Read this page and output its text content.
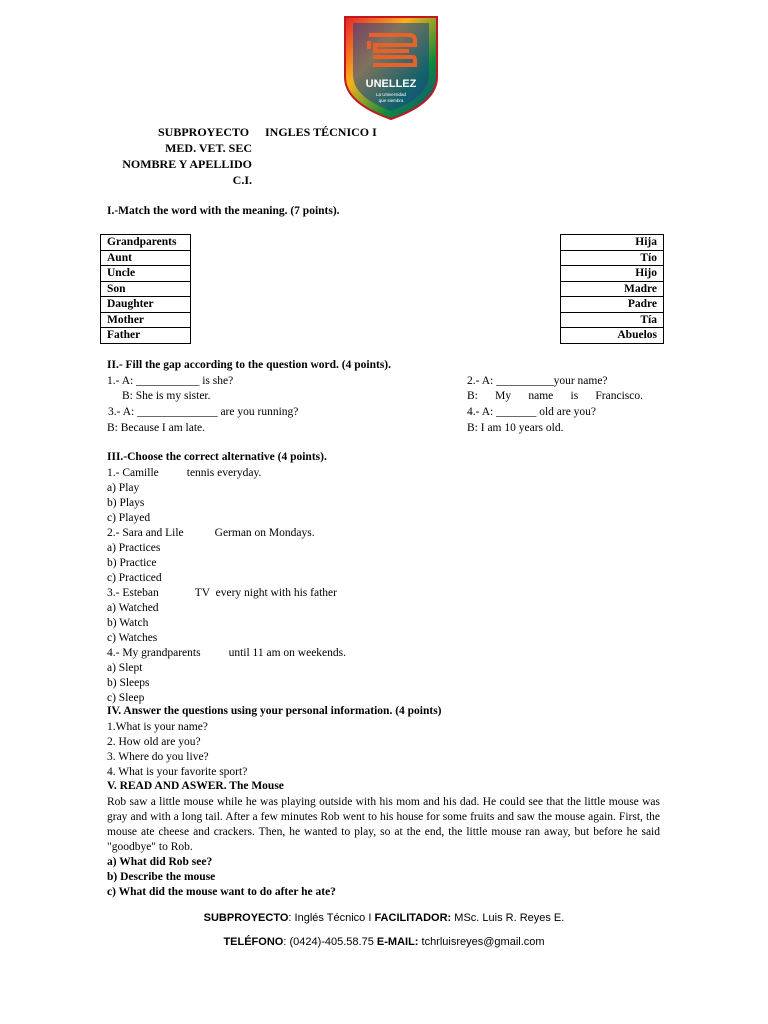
UNELLEZ
La Universidad
que siembra
SUBPROYECTO INGLES TÉCNICO I
MED. VET. SEC
NOMBRE Y APELLIDO
C.I.
I.-Match the word with the meaning. (7 points).
Grandparents
Aunt
Uncle
Son
Daughter
Mother
Father
Hija
Tío
Hijo
Madre
Padre
Tía
Abuelos
II.- Fill the gap according to the question word. (4 points).
1.- A: ___________ is she?
B: She is my sister.
3.- A: ______________ are you running?
B: Because I am late.
2.- A: __________your name?
B:      My      name      is      Francisco.
4.- A: _______ old are you?
B: I am 10 years old.
III.-Choose the correct alternative (4 points).
1.- Camille tennis everyday.
a) Play
b) Plays
c) Played
2.- Sara and Lile	German on Mondays.
a) Practices
b) Practice
c) Practiced
3.- Esteban	TV  every night with his father
a) Watched
b) Watch
c) Watches
4.- My grandparents until 11 am on weekends.
a) Slept
b) Sleeps
c) Sleep
IV. Answer the questions using your personal information. (4 points)
1.What is your name?
2. How old are you?
3. Where do you live?
4. What is your favorite sport?
V. READ AND ASWER. The Mouse
Rob saw a little mouse while he was playing outside with his mom and his dad. He could see that the little mouse was gray and with a long tail. After a few minutes Rob went to his house for some fruits and saw the mouse again. First, the mouse ate cheese and crackers. Then, he wanted to play, so at the end, the little mouse ran away, but before he said "goodbye" to Rob.
a) What did Rob see?
b) Describe the mouse
c) What did the mouse want to do after he ate?
SUBPROYECTO: Inglés Técnico I FACILITADOR: MSc. Luis R. Reyes E.
TELÉFONO: (0424)-405.58.75 E-MAIL: tchrluisreyes@gmail.com
